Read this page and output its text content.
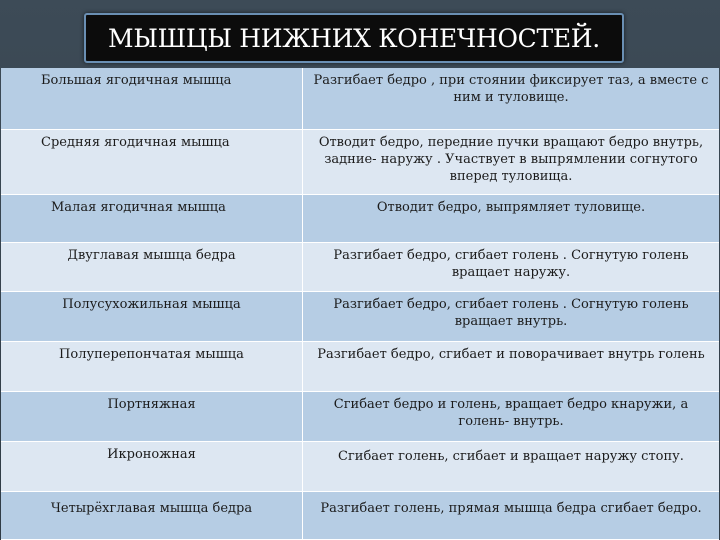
МЫШЦЫ НИЖНИХ КОНЕЧНОСТЕЙ.
Большая ягодичная мышца	Разгибает бедро , при стоянии фиксирует таз, а вместе с ним и туловище.
Средняя ягодичная мышца	Отводит бедро, передние пучки вращают бедро внутрь, задние- наружу . Участвует в выпрямлении согнутого вперед туловища.
Малая ягодичная мышца	Отводит бедро, выпрямляет туловище.
Двуглавая мышца бедра	Разгибает бедро, сгибает голень . Согнутую голень вращает наружу.
Полусухожильная мышца	Разгибает бедро, сгибает голень . Согнутую голень вращает внутрь.
Полуперепончатая мышца	Разгибает бедро, сгибает и поворачивает внутрь голень
Портняжная	Сгибает бедро и голень, вращает бедро кнаружи, а голень- внутрь.
Икроножная	Сгибает голень, сгибает и вращает наружу стопу.
Четырёхглавая мышца бедра	Разгибает голень, прямая мышца бедра сгибает бедро.
